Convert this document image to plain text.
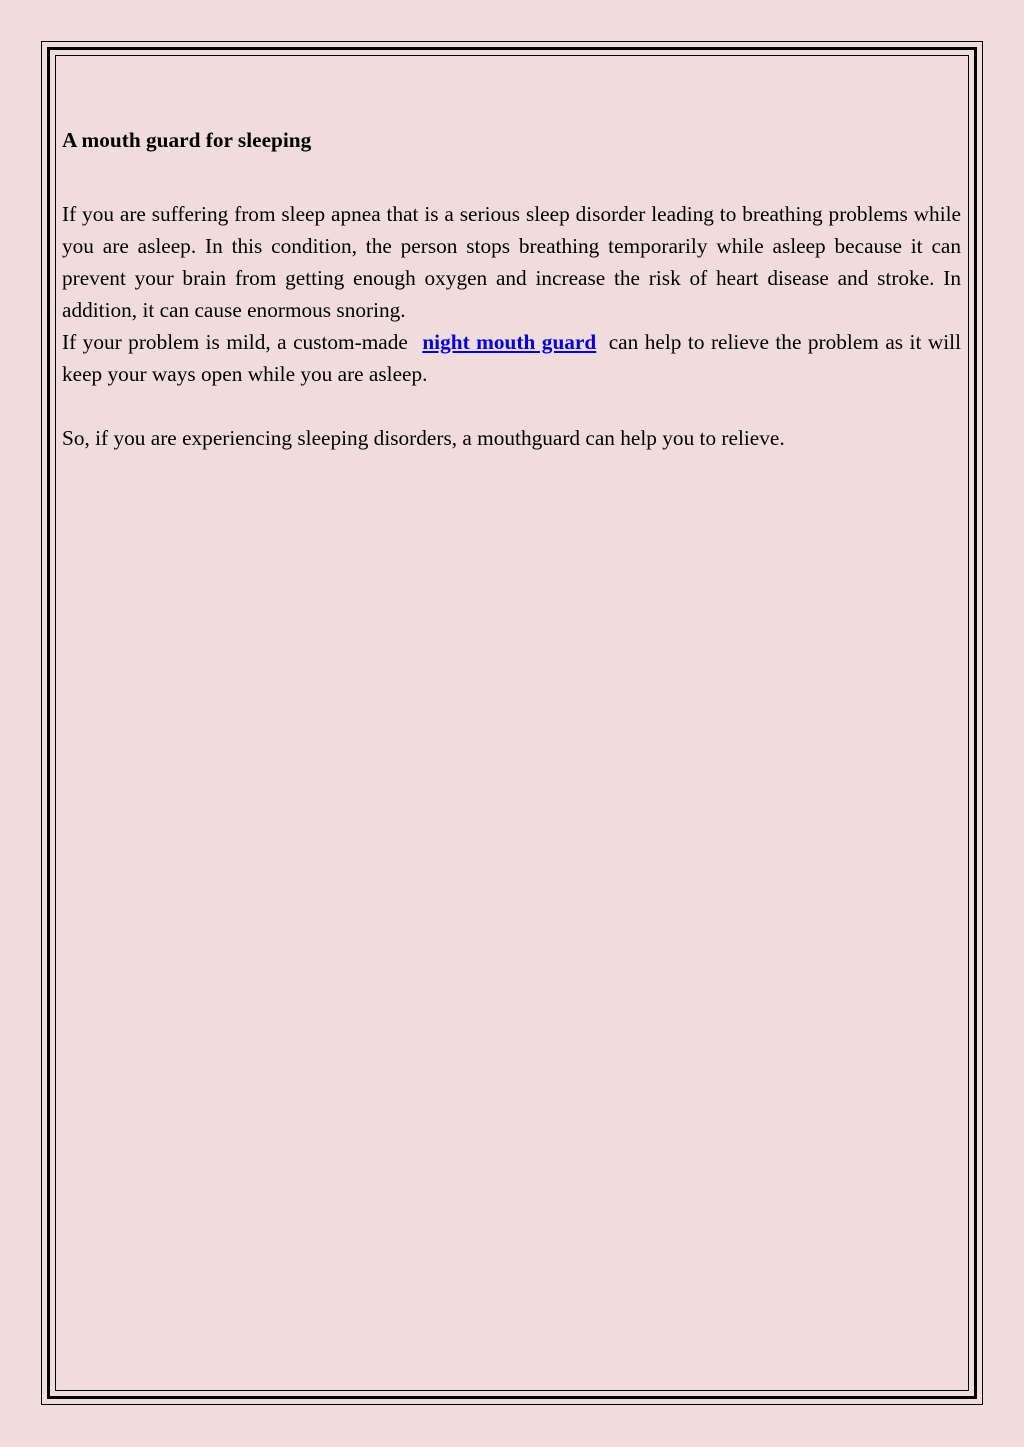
A mouth guard for sleeping

If you are suffering from sleep apnea that is a serious sleep disorder leading to breathing problems while you are asleep. In this condition, the person stops breathing temporarily while asleep because it can prevent your brain from getting enough oxygen and increase the risk of heart disease and stroke. In addition, it can cause enormous snoring.

If your problem is mild, a custom-made night mouth guard can help to relieve the problem as it will keep your ways open while you are asleep.

So, if you are experiencing sleeping disorders, a mouthguard can help you to relieve.
